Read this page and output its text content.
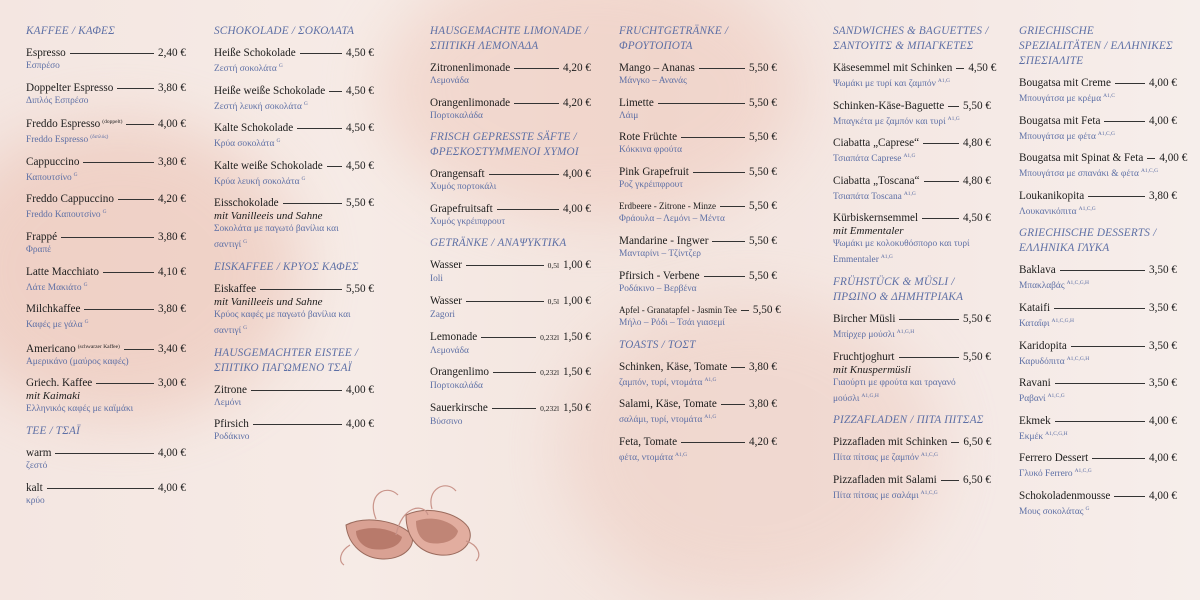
KAFFEE / ΚΑΦΕΣ
Espresso	2,40 €
Εσπρέσο
Doppelter Espresso	3,80 €
Διπλός Εσπρέσο
Freddo Espresso $^{(doppelt)}$	4,00 €
Freddo Espresso $^{(\delta\iota\pi\lambda ό\varsigma)}$
Cappuccino	3,80 €
Καπουτσίνο $^G$
Freddo Cappuccino	4,20 €
Freddo Καπουτσίνο $^G$
Frappé	3,80 €
Φραπέ
Latte Macchiato	4,10 €
Λάτε Μακιάτο $^G$
Milchkaffee	3,80 €
Καφές με γάλα $^G$
Americano $^{(schwarzer Kaffee)}$	3,40 €
Αμερικάνο (μαύρος καφές)
Griech. Kaffee	3,00 €
mit Kaimaki
Ελληνικός καφές με καϊμάκι
TEE / ΤΣΑΪ
warm	4,00 €
ζεστό
kalt	4,00 €
κρύο
SCHOKOLADE / ΣΟΚΟΛΑΤΑ
Heiße Schokolade	4,50 €
Ζεστή σοκολάτα $^G$
Heiße weiße Schokolade 4,50 €
Ζεστή λευκή σοκολάτα $^G$
Kalte Schokolade	4,50 €
Κρύα σοκολάτα $^G$
Kalte weiße Schokolade 4,50 €
Κρύα λευκή σοκολάτα $^G$
Eisschokolade	5,50 €
mit Vanilleeis und Sahne
Σοκολάτα με παγωτό βανίλια και σαντιγί $^G$
EISKAFFEE / ΚΡΥΟΣ ΚΑΦΕΣ
Eiskaffee	5,50 €
mit Vanilleeis und Sahne
Κρύος καφές με παγωτό βανίλια και σαντιγί $^G$
HAUSGEMACHTER EISTEE / ΣΠΙΤΙΚΟ ΠΑΓΩΜΕΝΟ ΤΣΑΪ
Zitrone	4,00 €
Λεμόνι
Pfirsich	4,00 €
Ροδάκινο
HAUSGEMACHTE LIMONADE / ΣΠΙΤΙΚΗ ΛΕΜΟΝΑΔΑ
Zitronenlimonade	4,20 €
Λεμονάδα
Orangenlimonade	4,20 €
Πορτοκαλάδα
FRISCH GEPRESSTE SÄFTE / ΦΡΕΣΚΟΣΤΥΜΜΕΝΟΙ ΧΥΜΟΙ
Orangensaft	4,00 €
Χυμός πορτοκάλι
Grapefruitsaft	4,00 €
Χυμός γκρέιπφρουτ
GETRÄNKE / ΑΝΑΨΥΚΤΙΚΑ
Wasser	0,5l 1,00 €
Ioli
Wasser	0,5l 1,00 €
Zagori
Lemonade	0,232l 1,50 €
Λεμονάδα
Orangenlimo	0,232l 1,50 €
Πορτοκαλάδα
Sauerkirsche	0,232l 1,50 €
Βύσσινο
FRUCHTGETRÄNKE / ΦΡΟΥΤΟΠΟΤΑ
Mango – Ananas	5,50 €
Μάνγκο – Ανανάς
Limette	5,50 €
Λάιμ
Rote Früchte	5,50 €
Κόκκινα φρούτα
Pink Grapefruit	5,50 €
Ροζ γκρέιπφρουτ
Erdbeere - Zitrone - Minze	5,50 €
Φράουλα – Λεμόνι – Μέντα
Mandarine - Ingwer	5,50 €
Μανταρίνι – Τζίντζερ
Pfirsich - Verbene	5,50 €
Ροδάκινο – Βερβένα
Apfel - Granatapfel - Jasmin Tee 5,50 €
Μήλο – Ρόδι – Τσάι γιασεμί
TOASTS / ΤΟΣΤ
Schinken, Käse, Tomate 3,80 €
ζαμπόν, τυρί, ντομάτα $^{A1,G}$
Salami, Käse, Tomate	3,80 €
σαλάμι, τυρί, ντομάτα $^{A1,G}$
Feta, Tomate	4,20 €
φέτα, ντομάτα $^{A1,G}$
SANDWICHES & BAGUETTES / ΣΑΝΤΟΥΙΤΣ & ΜΠΑΓΚΕΤΕΣ
Käsesemmel mit Schinken 4,50 €
Ψωμάκι με τυρί και ζαμπόν $^{A1,G}$
Schinken-Käse-Baguette 5,50 €
Μπαγκέτα με ζαμπόν και τυρί $^{A1,G}$
Ciabatta „Caprese“	4,80 €
Τσιαπάτα Caprese $^{A1,G}$
Ciabatta „Toscana“	4,80 €
Τσιαπάτα Toscana $^{A1,G}$
Kürbiskernsemmel	4,50 €
mit Emmentaler
Ψωμάκι με κολοκυθόσπορο και τυρί Emmentaler $^{A1,G}$
FRÜHSTÜCK & MÜSLI / ΠΡΩΙΝΟ & ΔΗΜΗΤΡΙΑΚΑ
Bircher Müsli	5,50 €
Μπίρχερ μούσλι $^{A1,G,H}$
Fruchtjoghurt	5,50 €
mit Knuspermüsli
Γιαούρτι με φρούτα και τραγανό μούσλι $^{A1,G,H}$
PIZZAFLADEN / ΠΙΤΑ ΠΙΤΣΑΣ
Pizzafladen mit Schinken 6,50 €
Πίτα πίτσας με ζαμπόν $^{A1,C,G}$
Pizzafladen mit Salami 6,50 €
Πίτα πίτσας με σαλάμι $^{A1,C,G}$
GRIECHISCHE SPEZIALITÄTEN / ΕΛΛΗΝΙΚΕΣ ΣΠΕΣΙΑΛΙΤΕ
Bougatsa mit Creme	4,00 €
Μπουγάτσα με κρέμα $^{A1,C}$
Bougatsa mit Feta	4,00 €
Μπουγάτσα με φέτα $^{A1,C,G}$
Bougatsa mit Spinat & Feta 4,00 €
Μπουγάτσα με σπανάκι & φέτα $^{A1,C,G}$
Loukanikopita	3,80 €
Λουκανικόπιτα $^{A1,C,G}$
GRIECHISCHE DESSERTS / ΕΛΛΗΝΙΚΑ ΓΛΥΚΑ
Baklava	3,50 €
Μπακλαβάς $^{A1,C,G,H}$
Kataifi	3,50 €
Καταΐφι $^{A1,C,G,H}$
Karidopita	3,50 €
Καρυδόπιτα $^{A1,C,G,H}$
Ravani	3,50 €
Ραβανί $^{A1,C,G}$
Ekmek	4,00 €
Εκμέκ $^{A1,C,G,H}$
Ferrero Dessert	4,00 €
Γλυκό Ferrero $^{A1,C,G}$
Schokoladenmousse	4,00 €
Μους σοκολάτας $^G$
